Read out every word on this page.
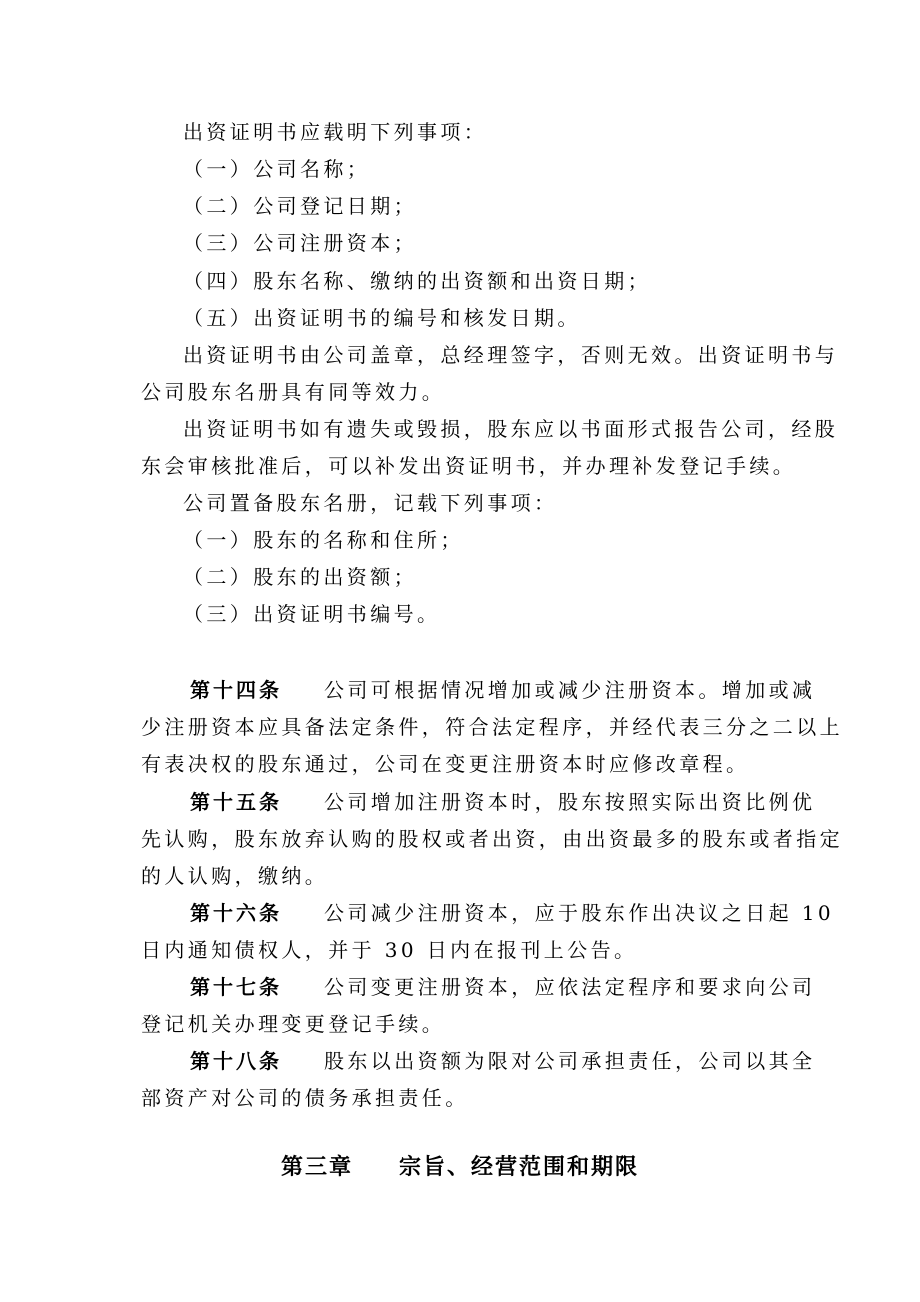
出资证明书应载明下列事项：
（一）公司名称；
（二）公司登记日期；
（三）公司注册资本；
（四）股东名称、缴纳的出资额和出资日期；
（五）出资证明书的编号和核发日期。
出资证明书由公司盖章，总经理签字，否则无效。出资证明书与
公司股东名册具有同等效力。
出资证明书如有遗失或毁损，股东应以书面形式报告公司，经股
东会审核批准后，可以补发出资证明书，并办理补发登记手续。
公司置备股东名册，记载下列事项：
（一）股东的名称和住所；
（二）股东的出资额；
（三）出资证明书编号。
第十四条 公司可根据情况增加或减少注册资本。增加或减
少注册资本应具备法定条件，符合法定程序，并经代表三分之二以上
有表决权的股东通过，公司在变更注册资本时应修改章程。
第十五条 公司增加注册资本时，股东按照实际出资比例优
先认购，股东放弃认购的股权或者出资，由出资最多的股东或者指定
的人认购，缴纳。
第十六条 公司减少注册资本，应于股东作出决议之日起 10
日内通知债权人，并于 30 日内在报刊上公告。
第十七条 公司变更注册资本，应依法定程序和要求向公司
登记机关办理变更登记手续。
第十八条 股东以出资额为限对公司承担责任，公司以其全
部资产对公司的债务承担责任。
第三章 宗旨、经营范围和期限
